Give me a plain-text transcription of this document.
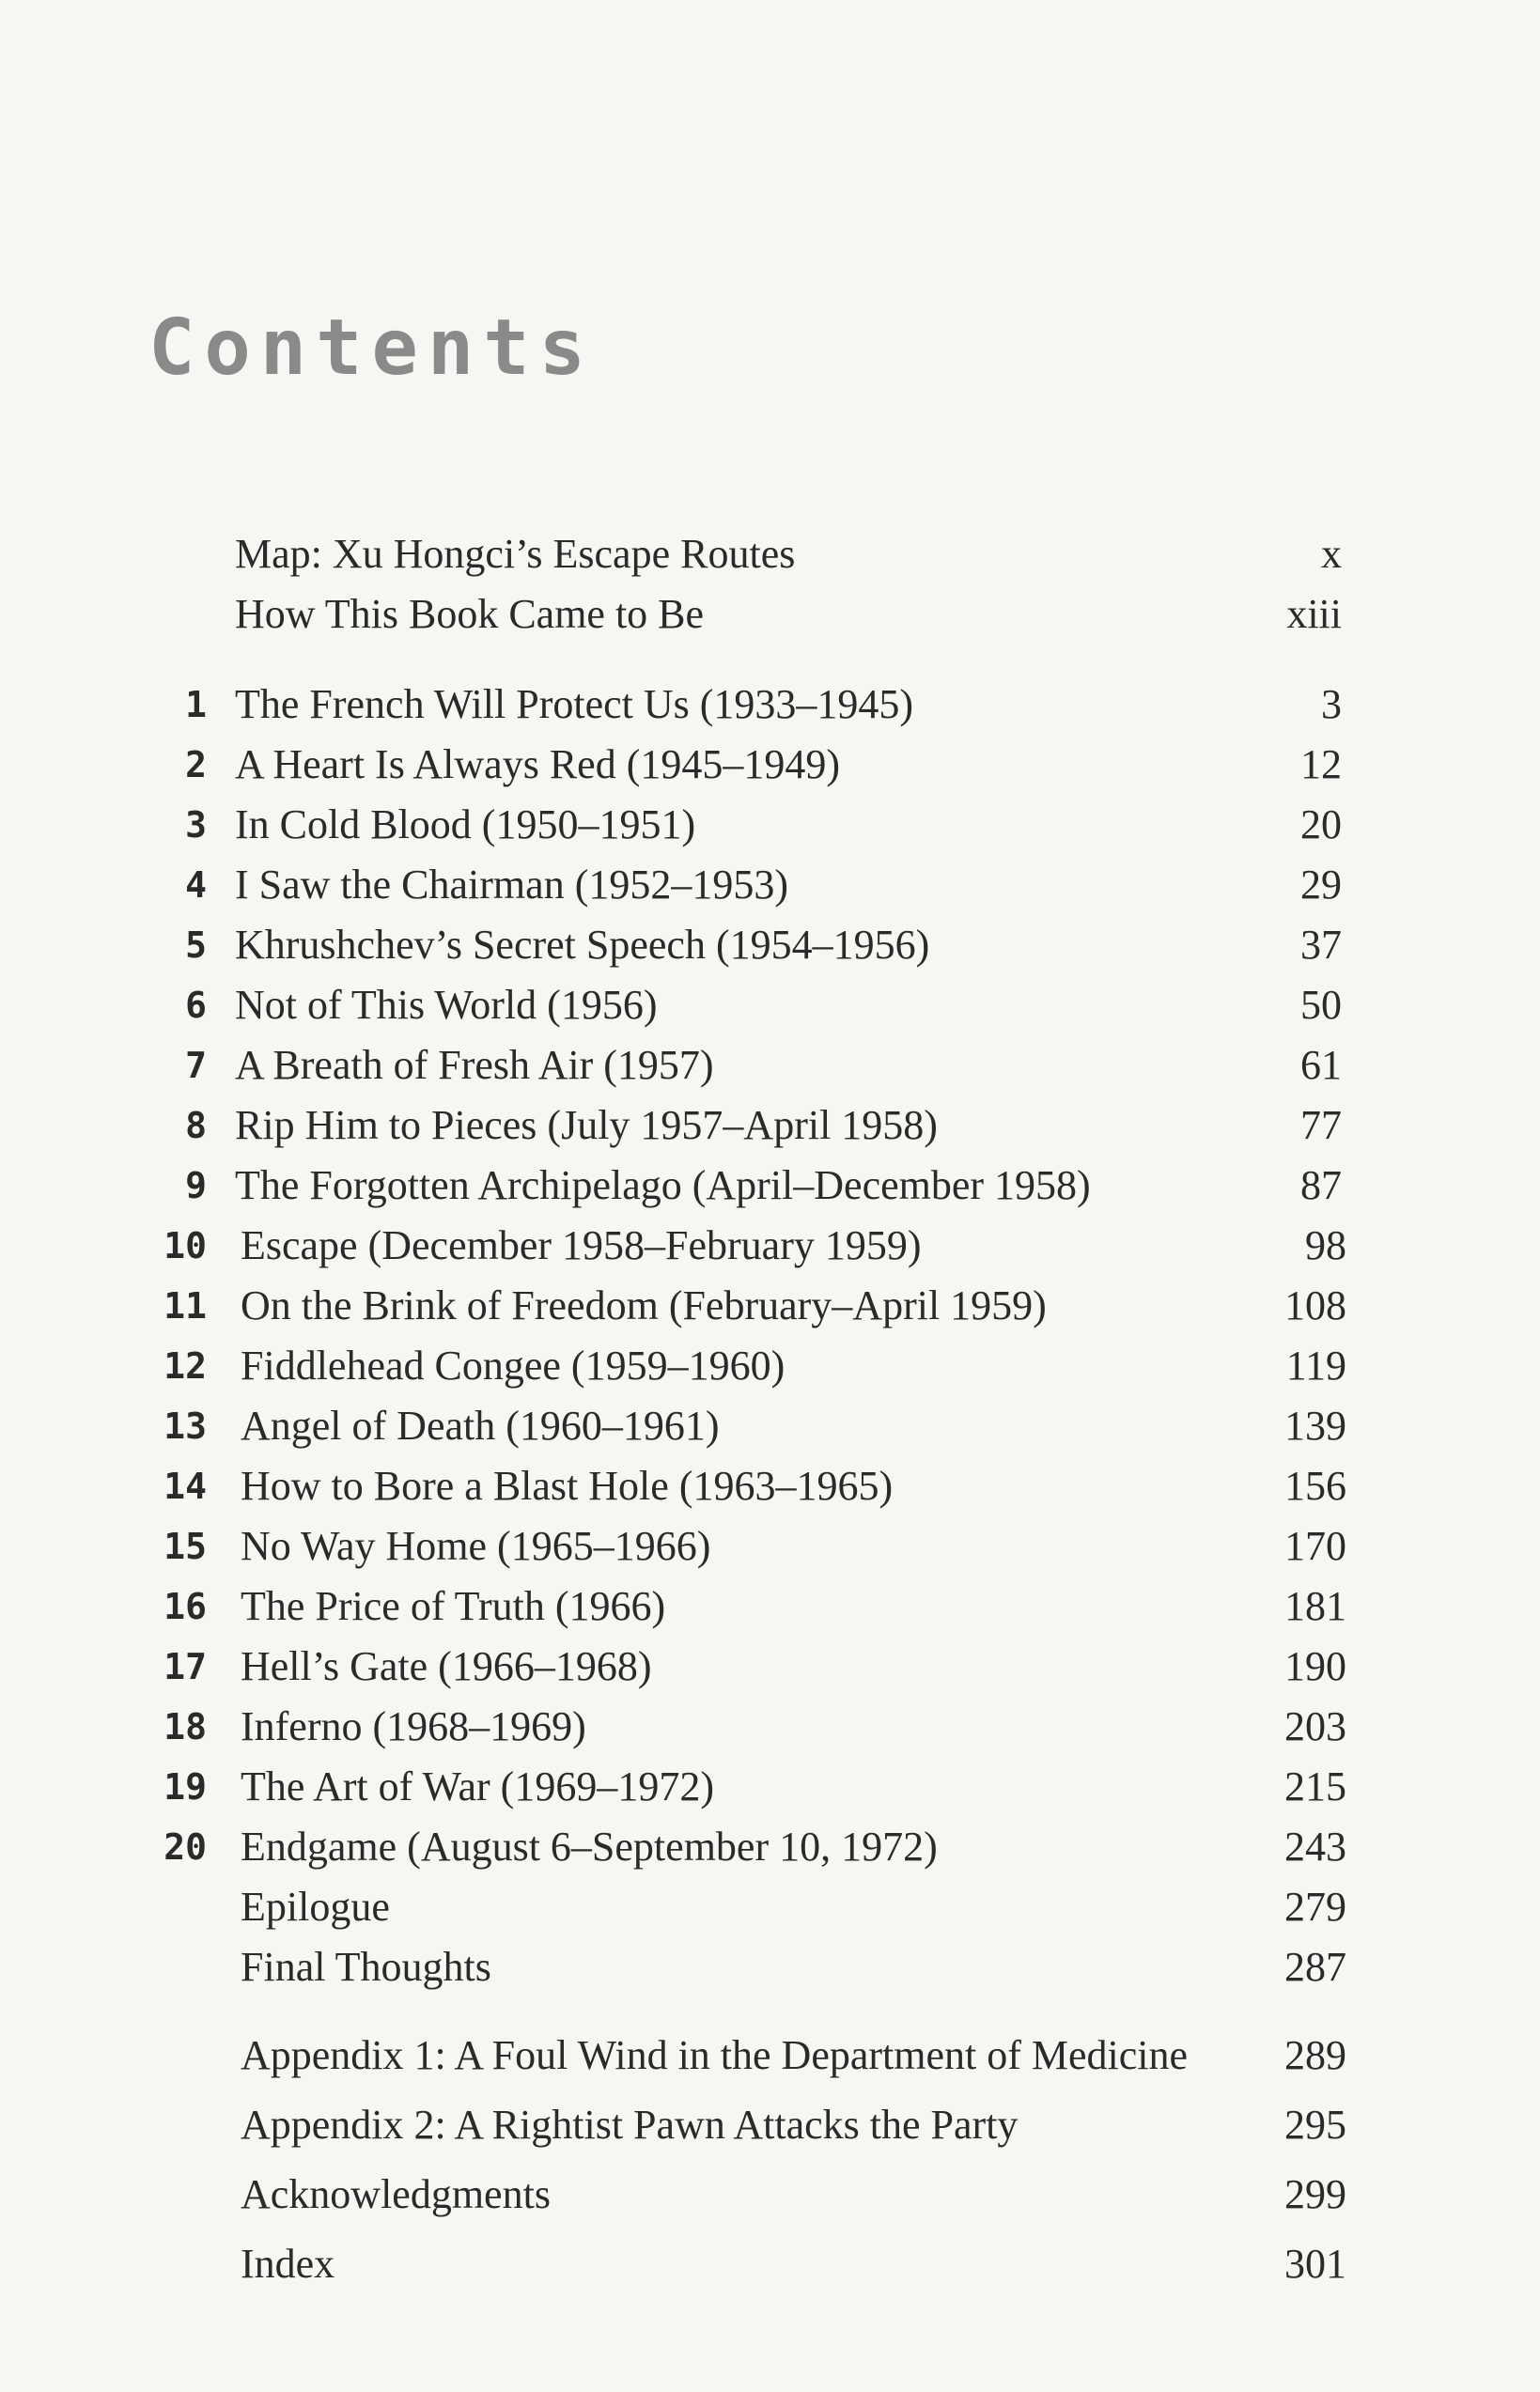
Contents
Map: Xu Hongci’s Escape Routes	x
How This Book Came to Be	xiii
1 The French Will Protect Us (1933–1945)	3
2 A Heart Is Always Red (1945–1949)	12
3 In Cold Blood (1950–1951)	20
4 I Saw the Chairman (1952–1953)	29
5 Khrushchev’s Secret Speech (1954–1956)	37
6 Not of This World (1956)	50
7 A Breath of Fresh Air (1957)	61
8 Rip Him to Pieces (July 1957–April 1958)	77
9 The Forgotten Archipelago (April–December 1958)	87
10 Escape (December 1958–February 1959)	98
11 On the Brink of Freedom (February–April 1959)	108
12 Fiddlehead Congee (1959–1960)	119
13 Angel of Death (1960–1961)	139
14 How to Bore a Blast Hole (1963–1965)	156
15 No Way Home (1965–1966)	170
16 The Price of Truth (1966)	181
17 Hell’s Gate (1966–1968)	190
18 Inferno (1968–1969)	203
19 The Art of War (1969–1972)	215
20 Endgame (August 6–September 10, 1972)	243
Epilogue	279
Final Thoughts	287
Appendix 1: A Foul Wind in the Department of Medicine	289
Appendix 2: A Rightist Pawn Attacks the Party	295
Acknowledgments	299
Index	301
